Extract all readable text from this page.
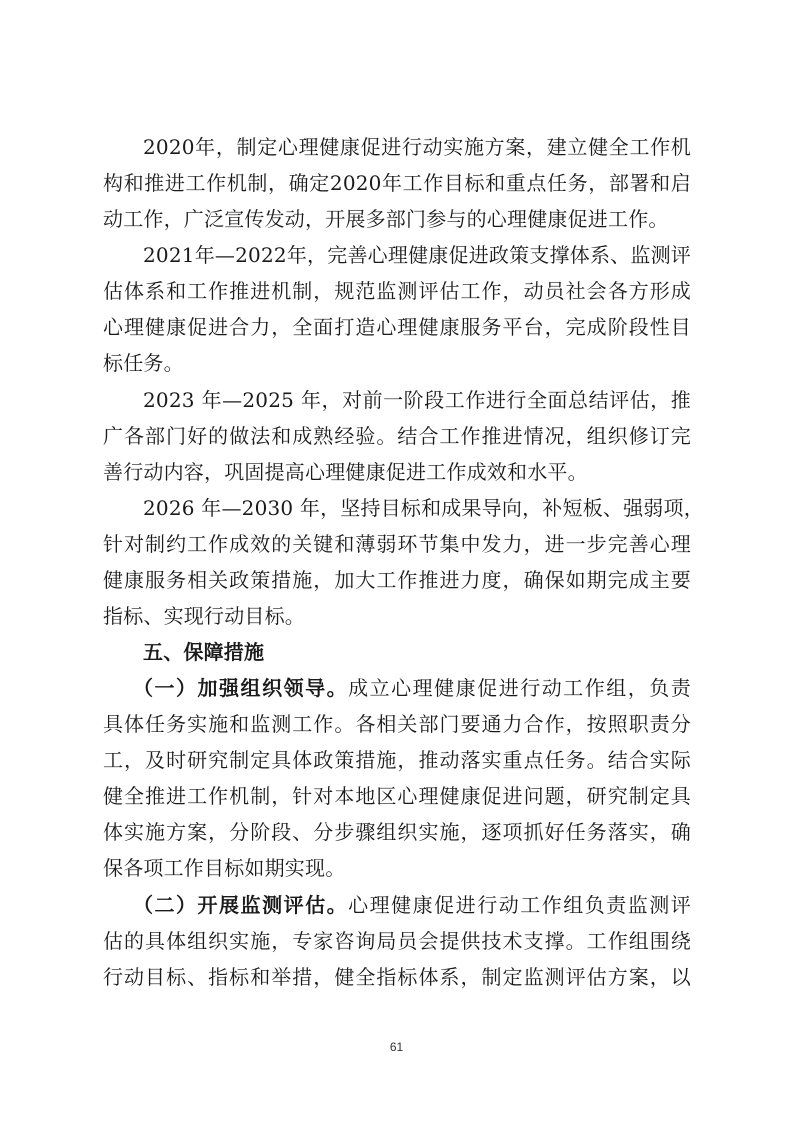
2020年，制定心理健康促进行动实施方案，建立健全工作机
构和推进工作机制，确定2020年工作目标和重点任务，部署和启
动工作，广泛宣传发动，开展多部门参与的心理健康促进工作。
2021年—2022年，完善心理健康促进政策支撑体系、监测评
估体系和工作推进机制，规范监测评估工作，动员社会各方形成
心理健康促进合力，全面打造心理健康服务平台，完成阶段性目
标任务。
2023 年—2025 年，对前一阶段工作进行全面总结评估，推
广各部门好的做法和成熟经验。结合工作推进情况，组织修订完
善行动内容，巩固提高心理健康促进工作成效和水平。
2026 年—2030 年，坚持目标和成果导向，补短板、强弱项，
针对制约工作成效的关键和薄弱环节集中发力，进一步完善心理
健康服务相关政策措施，加大工作推进力度，确保如期完成主要
指标、实现行动目标。
五、保障措施
（一）加强组织领导。成立心理健康促进行动工作组，负责
具体任务实施和监测工作。各相关部门要通力合作，按照职责分
工，及时研究制定具体政策措施，推动落实重点任务。结合实际
健全推进工作机制，针对本地区心理健康促进问题，研究制定具
体实施方案，分阶段、分步骤组织实施，逐项抓好任务落实，确
保各项工作目标如期实现。
（二）开展监测评估。心理健康促进行动工作组负责监测评
估的具体组织实施，专家咨询局员会提供技术支撑。工作组围绕
行动目标、指标和举措，健全指标体系，制定监测评估方案，以
61
